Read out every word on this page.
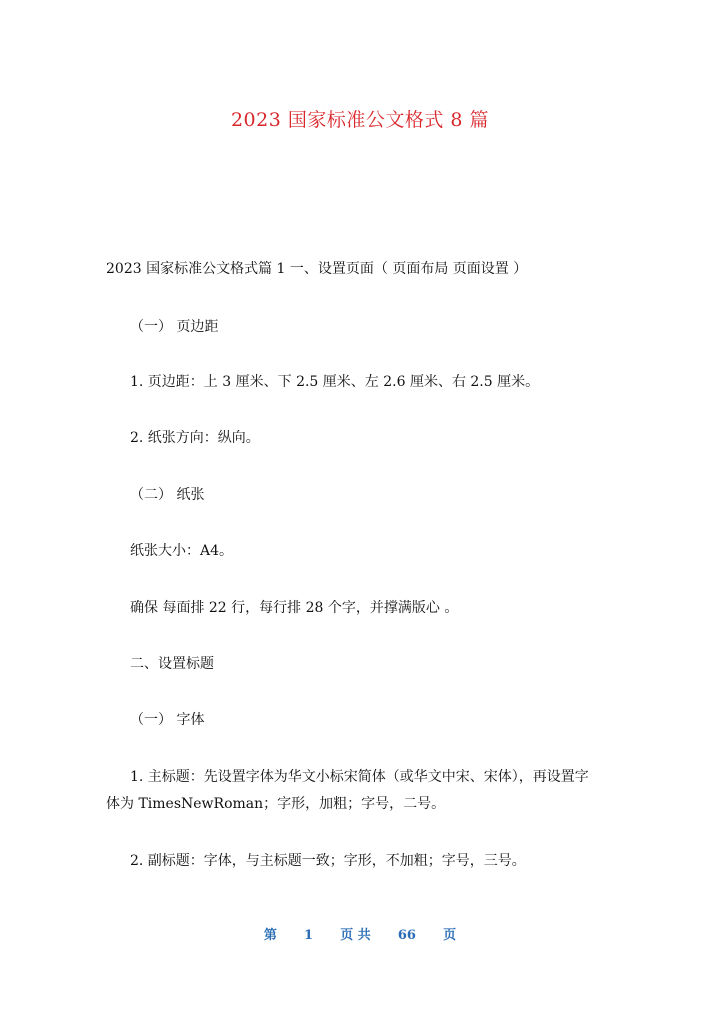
2023 国家标准公文格式 8 篇
2023 国家标准公文格式篇 1 一、设置页面（ 页面布局 页面设置 ）
（一） 页边距
1. 页边距：上 3 厘米、下 2.5 厘米、左 2.6 厘米、右 2.5 厘米。
2. 纸张方向：纵向。
（二） 纸张
纸张大小：A4。
确保 每面排 22 行，每行排 28 个字，并撑满版心 。
二、设置标题
（一） 字体
1. 主标题：先设置字体为华文小标宋简体（或华文中宋、宋体），再设置字
体为 TimesNewRoman；字形，加粗；字号，二号。
2. 副标题：字体，与主标题一致；字形，不加粗；字号，三号。
第 1 页 共 66 页
